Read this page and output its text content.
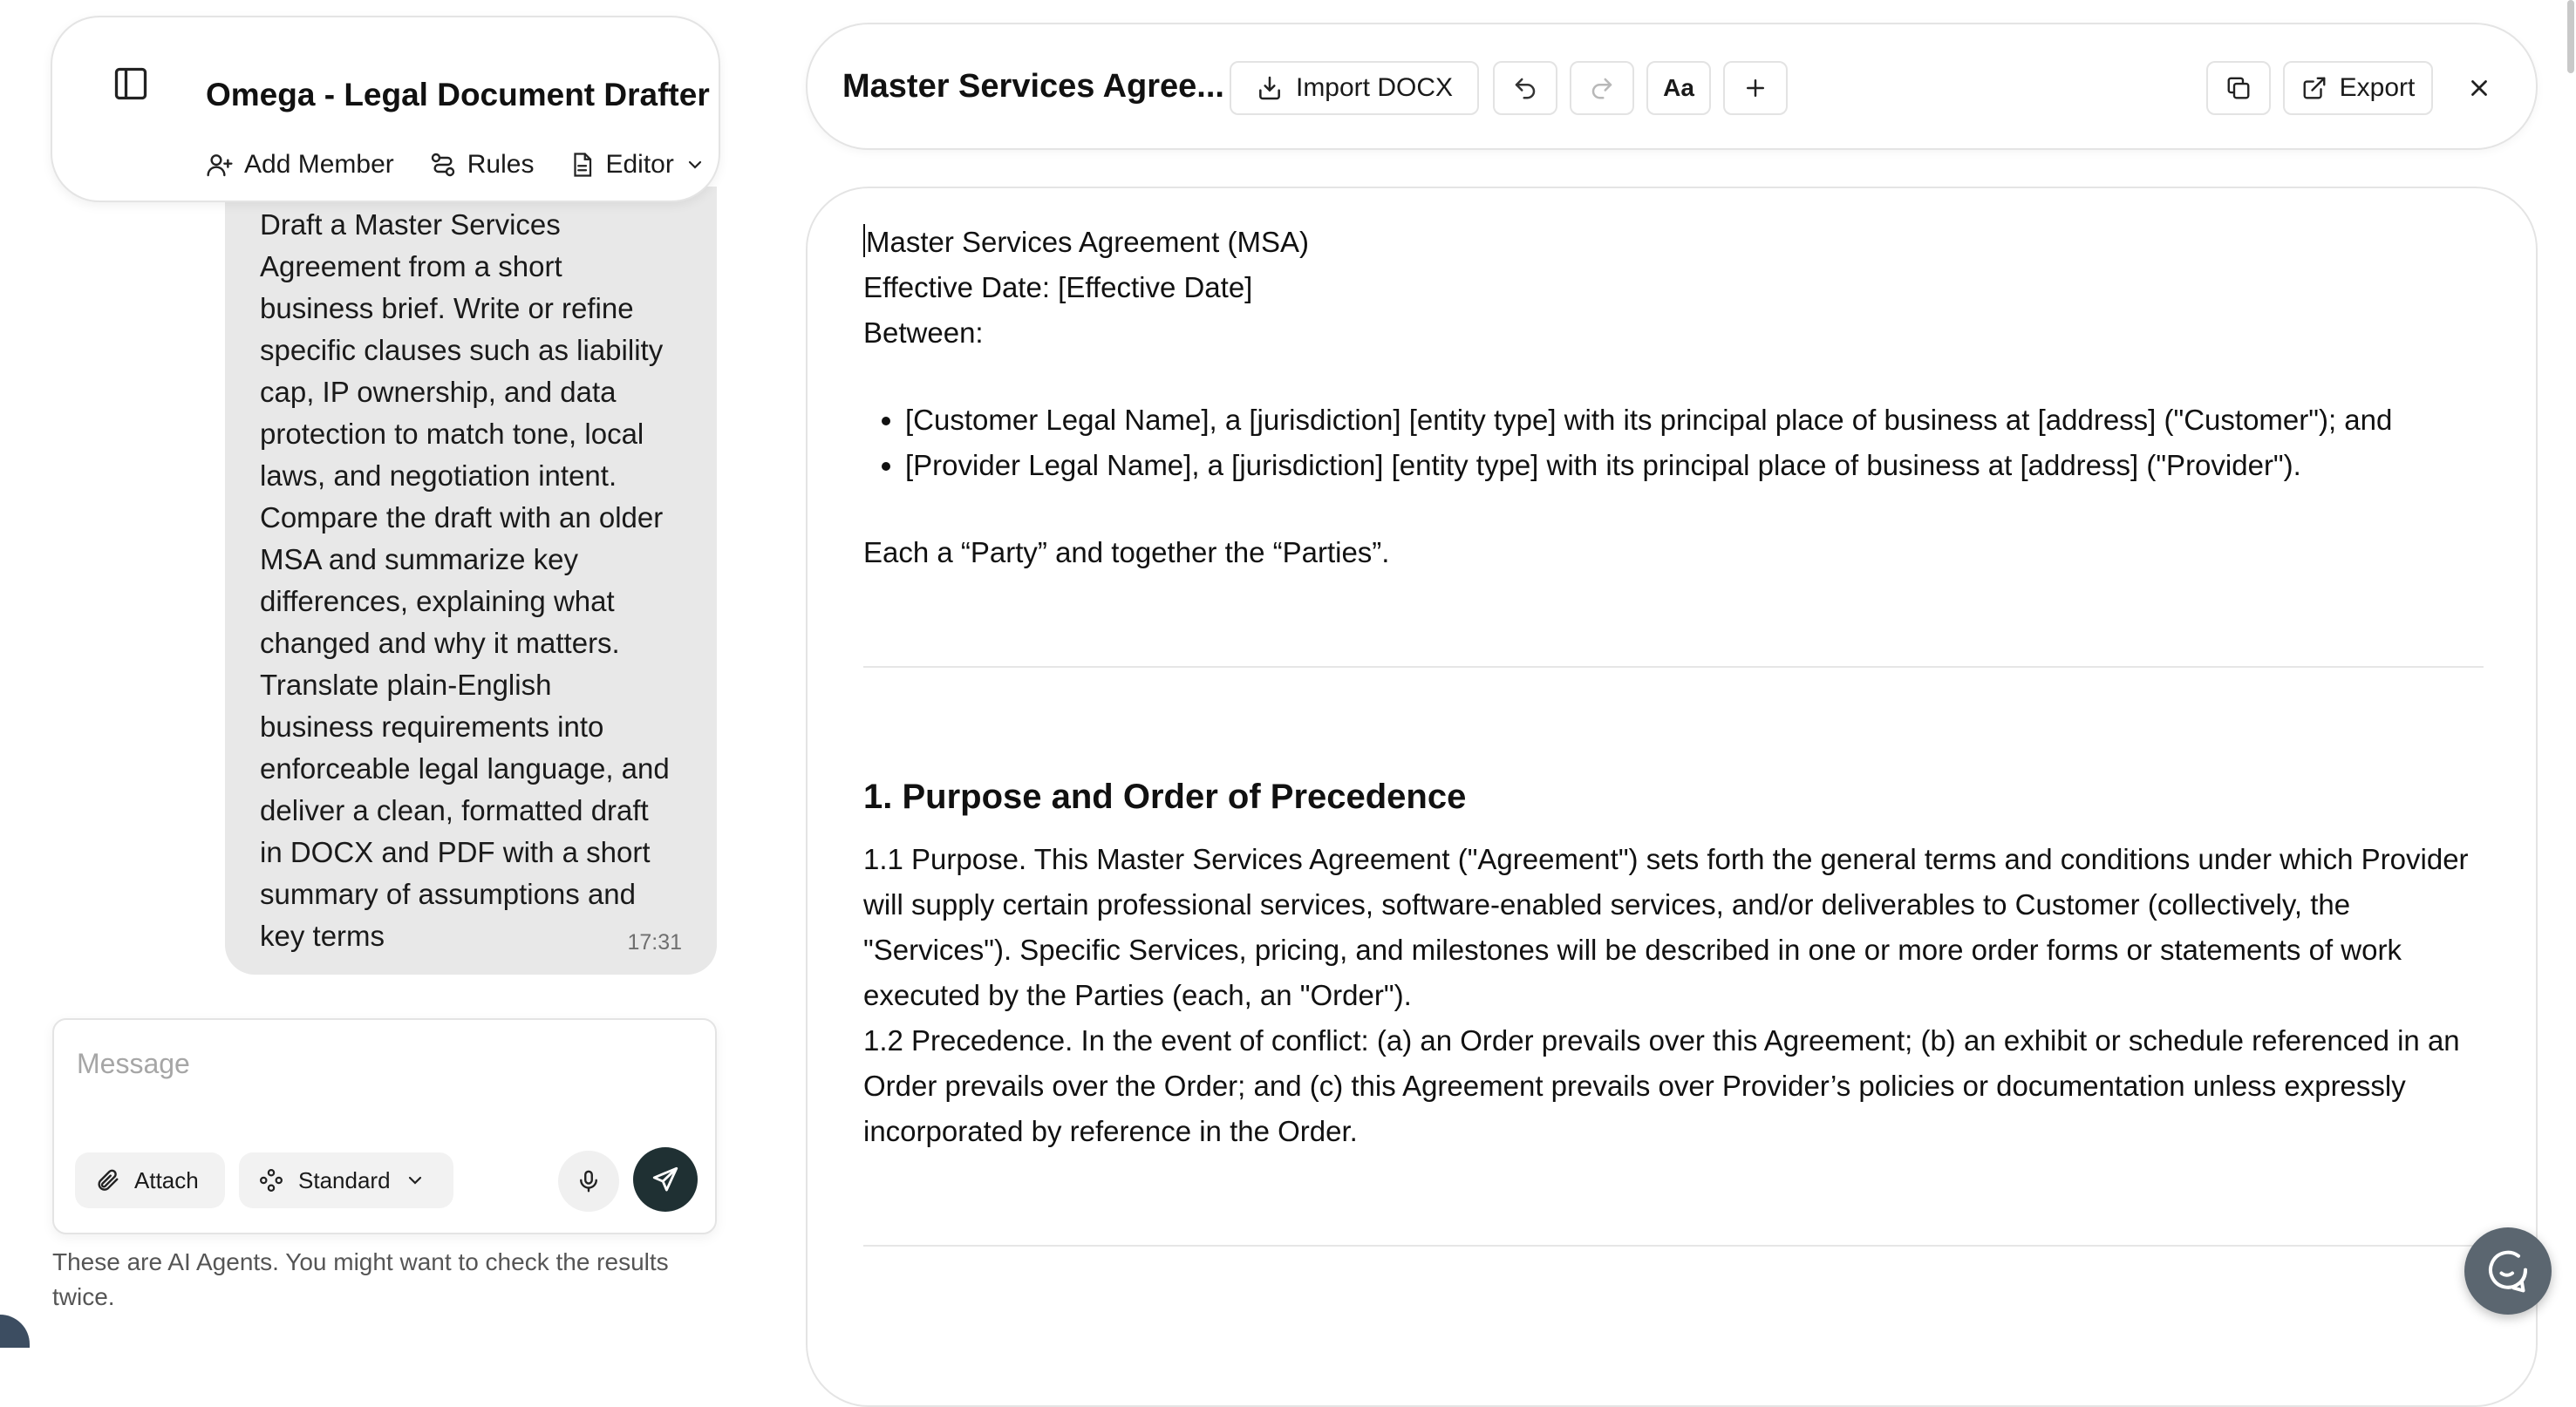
Omega - Legal Document Drafter
Add Member	Rules	Editor
Draft a Master Services
Agreement from a short
business brief. Write or refine
specific clauses such as liability
cap, IP ownership, and data
protection to match tone, local
laws, and negotiation intent.
Compare the draft with an older
MSA and summarize key
differences, explaining what
changed and why it matters.
Translate plain-English
business requirements into
enforceable legal language, and
deliver a clean, formatted draft
in DOCX and PDF with a short
summary of assumptions and
key terms	17:31
Message
Attach	Standard
These are AI Agents. You might want to check the results twice.
Master Services Agree...	Import DOCX	Aa	Export

Master Services Agreement (MSA)

Effective Date: [Effective Date]

Between:

• [Customer Legal Name], a [jurisdiction] [entity type] with its principal place of business at [address] ("Customer"); and
• [Provider Legal Name], a [jurisdiction] [entity type] with its principal place of business at [address] ("Provider").

Each a “Party” and together the “Parties”.

1. Purpose and Order of Precedence

1.1 Purpose. This Master Services Agreement ("Agreement") sets forth the general terms and conditions under which Provider will supply certain professional services, software-enabled services, and/or deliverables to Customer (collectively, the "Services"). Specific Services, pricing, and milestones will be described in one or more order forms or statements of work executed by the Parties (each, an "Order").

1.2 Precedence. In the event of conflict: (a) an Order prevails over this Agreement; (b) an exhibit or schedule referenced in an Order prevails over the Order; and (c) this Agreement prevails over Provider’s policies or documentation unless expressly incorporated by reference in the Order.
